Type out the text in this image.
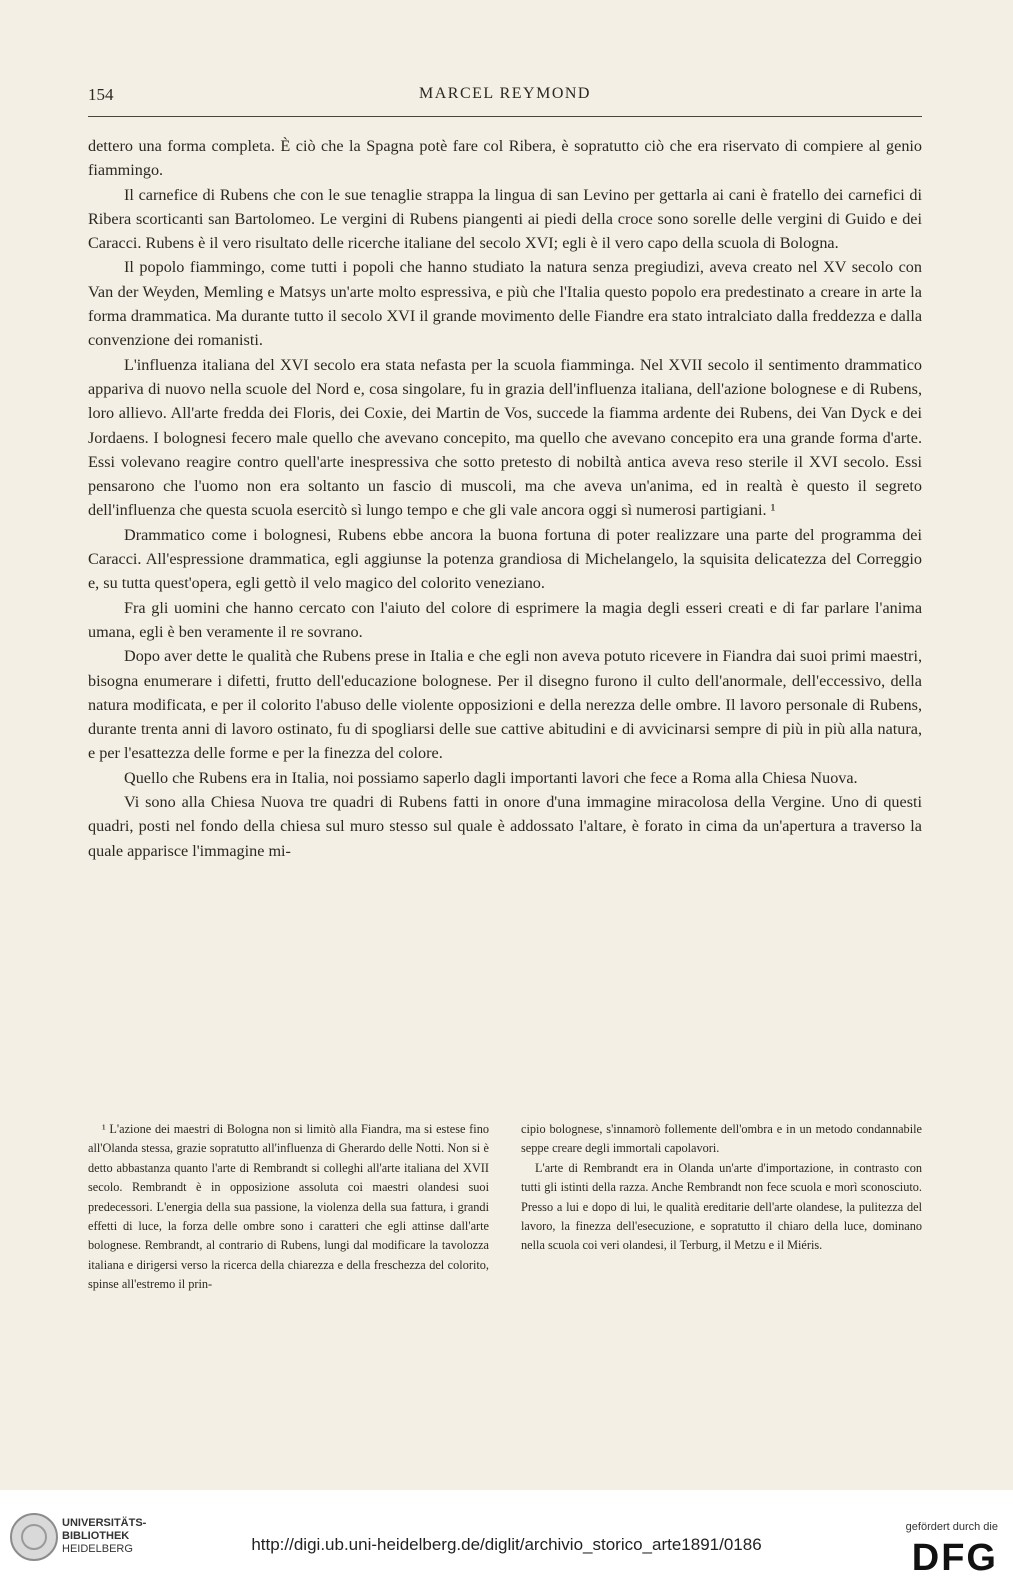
154	MARCEL REYMOND

dettero una forma completa. È ciò che la Spagna potè fare col Ribera, è sopratutto ciò che era riservato di compiere al genio fiammingo.

Il carnefice di Rubens che con le sue tenaglie strappa la lingua di san Levino per gettarla ai cani è fratello dei carnefici di Ribera scorticanti san Bartolomeo. Le vergini di Rubens piangenti ai piedi della croce sono sorelle delle vergini di Guido e dei Caracci. Rubens è il vero risultato delle ricerche italiane del secolo XVI; egli è il vero capo della scuola di Bologna.

Il popolo fiammingo, come tutti i popoli che hanno studiato la natura senza pregiudizi, aveva creato nel XV secolo con Van der Weyden, Memling e Matsys un'arte molto espressiva, e più che l'Italia questo popolo era predestinato a creare in arte la forma drammatica. Ma durante tutto il secolo XVI il grande movimento delle Fiandre era stato intralciato dalla freddezza e dalla convenzione dei romanisti.

L'influenza italiana del XVI secolo era stata nefasta per la scuola fiamminga. Nel XVII secolo il sentimento drammatico appariva di nuovo nella scuole del Nord e, cosa singolare, fu in grazia dell'influenza italiana, dell'azione bolognese e di Rubens, loro allievo. All'arte fredda dei Floris, dei Coxie, dei Martin de Vos, succede la fiamma ardente dei Rubens, dei Van Dyck e dei Jordaens. I bolognesi fecero male quello che avevano concepito, ma quello che avevano concepito era una grande forma d'arte. Essi volevano reagire contro quell'arte inespressiva che sotto pretesto di nobiltà antica aveva reso sterile il XVI secolo. Essi pensarono che l'uomo non era soltanto un fascio di muscoli, ma che aveva un'anima, ed in realtà è questo il segreto dell'influenza che questa scuola esercitò sì lungo tempo e che gli vale ancora oggi sì numerosi partigiani. ¹

Drammatico come i bolognesi, Rubens ebbe ancora la buona fortuna di poter realizzare una parte del programma dei Caracci. All'espressione drammatica, egli aggiunse la potenza grandiosa di Michelangelo, la squisita delicatezza del Correggio e, su tutta quest'opera, egli gettò il velo magico del colorito veneziano.

Fra gli uomini che hanno cercato con l'aiuto del colore di esprimere la magia degli esseri creati e di far parlare l'anima umana, egli è ben veramente il re sovrano.

Dopo aver dette le qualità che Rubens prese in Italia e che egli non aveva potuto ricevere in Fiandra dai suoi primi maestri, bisogna enumerare i difetti, frutto dell'educazione bolognese. Per il disegno furono il culto dell'anormale, dell'eccessivo, della natura modificata, e per il colorito l'abuso delle violente opposizioni e della nerezza delle ombre. Il lavoro personale di Rubens, durante trenta anni di lavoro ostinato, fu di spogliarsi delle sue cattive abitudini e di avvicinarsi sempre di più in più alla natura, e per l'esattezza delle forme e per la finezza del colore.

Quello che Rubens era in Italia, noi possiamo saperlo dagli importanti lavori che fece a Roma alla Chiesa Nuova.

Vi sono alla Chiesa Nuova tre quadri di Rubens fatti in onore d'una immagine miracolosa della Vergine. Uno di questi quadri, posti nel fondo della chiesa sul muro stesso sul quale è addossato l'altare, è forato in cima da un'apertura a traverso la quale apparisce l'immagine mi-

¹ L'azione dei maestri di Bologna non si limitò alla Fiandra, ma si estese fino all'Olanda stessa, grazie sopratutto all'influenza di Gherardo delle Notti. Non si è detto abbastanza quanto l'arte di Rembrandt si colleghi all'arte italiana del XVII secolo. Rembrandt è in opposizione assoluta coi maestri olandesi suoi predecessori. L'energia della sua passione, la violenza della sua fattura, i grandi effetti di luce, la forza delle ombre sono i caratteri che egli attinse dall'arte bolognese. Rembrandt, al contrario di Rubens, lungi dal modificare la tavolozza italiana e dirigersi verso la ricerca della chiarezza e della freschezza del colorito, spinse all'estremo il prin-

cipio bolognese, s'innamorò follemente dell'ombra e in un metodo condannabile seppe creare degli immortali capolavori.

L'arte di Rembrandt era in Olanda un'arte d'importazione, in contrasto con tutti gli istinti della razza. Anche Rembrandt non fece scuola e morì sconosciuto. Presso a lui e dopo di lui, le qualità ereditarie dell'arte olandese, la pulitezza del lavoro, la finezza dell'esecuzione, e sopratutto il chiaro della luce, dominano nella scuola coi veri olandesi, il Terburg, il Metzu e il Miéris.

UNIVERSITÄTS-
BIBLIOTHEK
HEIDELBERG	http://digi.ub.uni-heidelberg.de/diglit/archivio_storico_arte1891/0186
gefördert durch die
DFG
